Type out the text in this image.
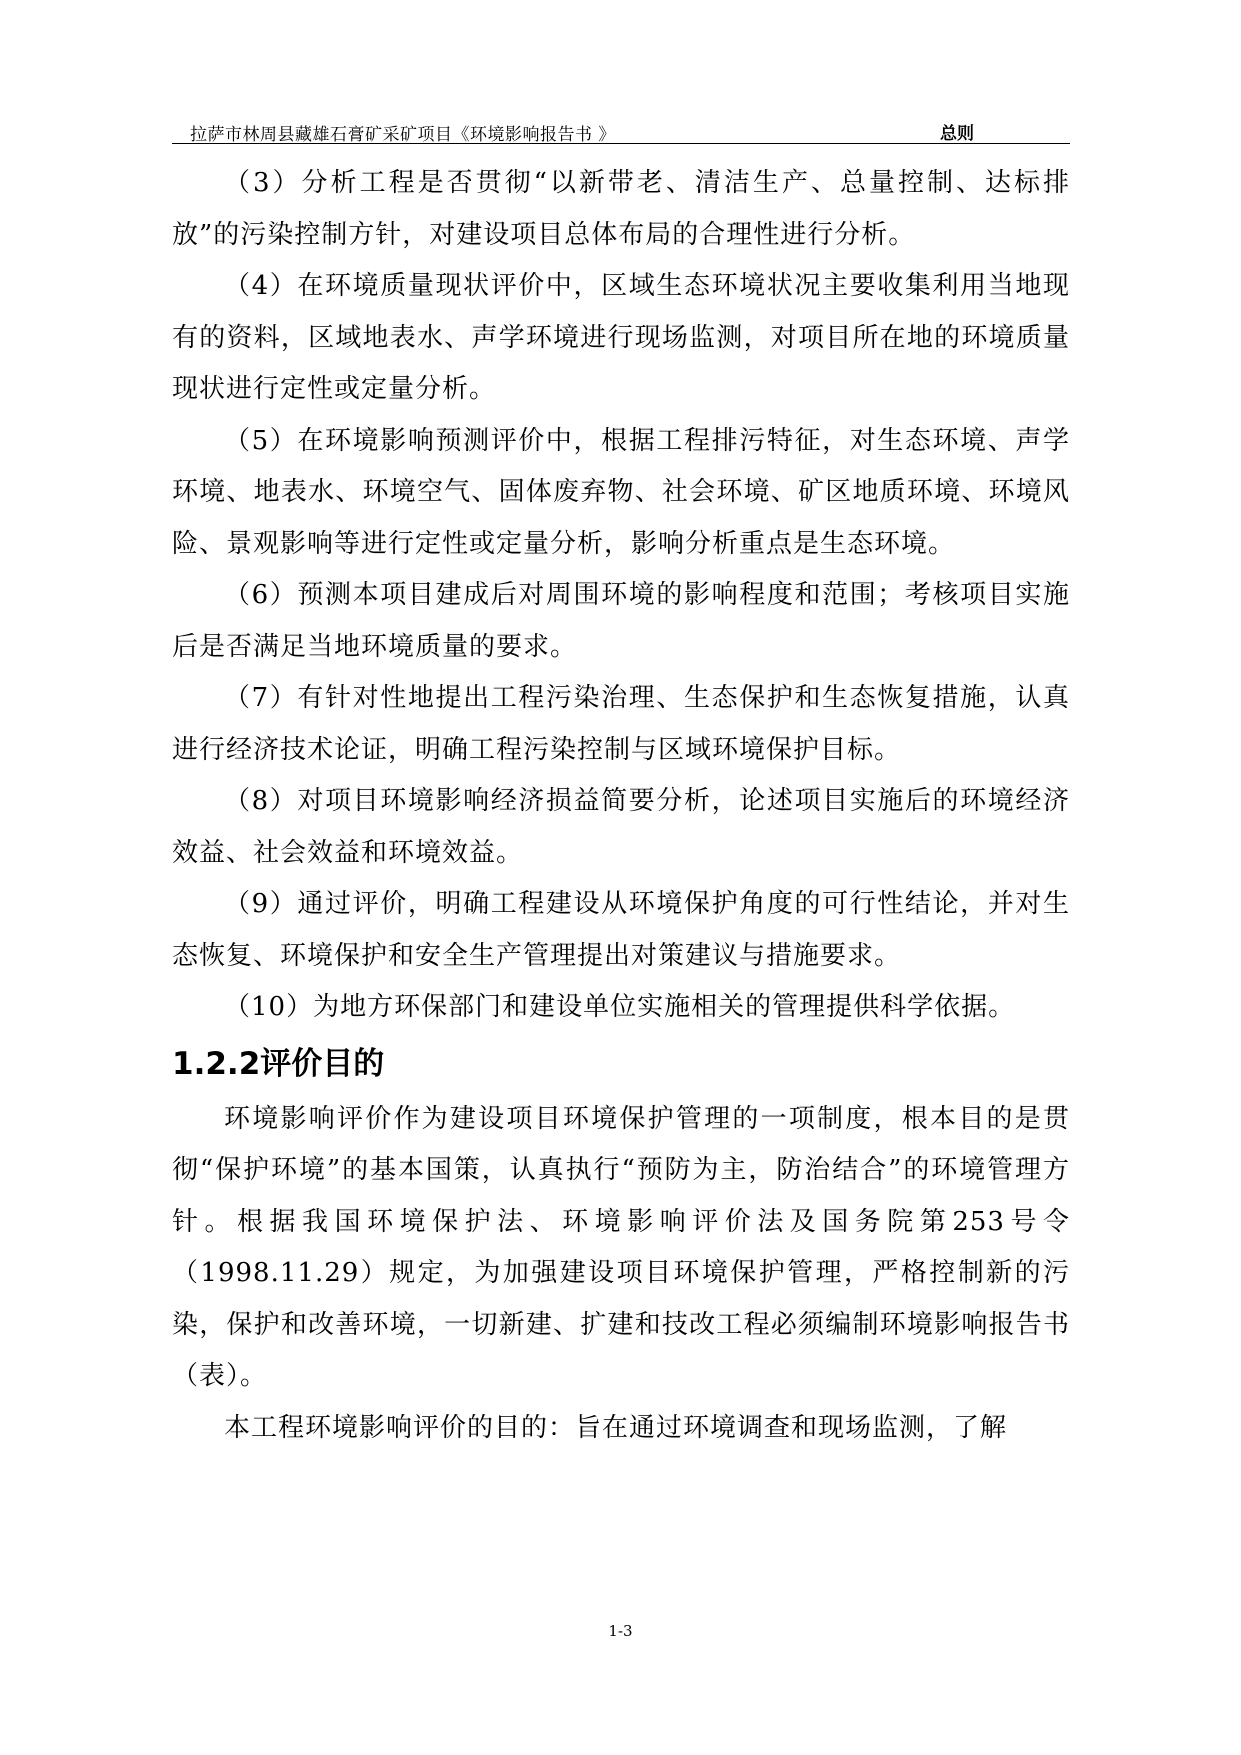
拉萨市林周县藏雄石膏矿采矿项目《环境影响报告书 》	总则

（3）分析工程是否贯彻“以新带老、清洁生产、总量控制、达标排放”的污染控制方针，对建设项目总体布局的合理性进行分析。

（4）在环境质量现状评价中，区域生态环境状况主要收集利用当地现有的资料，区域地表水、声学环境进行现场监测，对项目所在地的环境质量现状进行定性或定量分析。

（5）在环境影响预测评价中，根据工程排污特征，对生态环境、声学环境、地表水、环境空气、固体废弃物、社会环境、矿区地质环境、环境风险、景观影响等进行定性或定量分析，影响分析重点是生态环境。

（6）预测本项目建成后对周围环境的影响程度和范围；考核项目实施后是否满足当地环境质量的要求。

（7）有针对性地提出工程污染治理、生态保护和生态恢复措施，认真进行经济技术论证，明确工程污染控制与区域环境保护目标。

（8）对项目环境影响经济损益简要分析，论述项目实施后的环境经济效益、社会效益和环境效益。

（9）通过评价，明确工程建设从环境保护角度的可行性结论，并对生态恢复、环境保护和安全生产管理提出对策建议与措施要求。

（10）为地方环保部门和建设单位实施相关的管理提供科学依据。

1.2.2评价目的

环境影响评价作为建设项目环境保护管理的一项制度，根本目的是贯彻“保护环境”的基本国策，认真执行“预防为主，防治结合”的环境管理方针。根据我国环境保护法、环境影响评价法及国务院第253号令（1998.11.29）规定，为加强建设项目环境保护管理，严格控制新的污染，保护和改善环境，一切新建、扩建和技改工程必须编制环境影响报告书（表）。

本工程环境影响评价的目的：旨在通过环境调查和现场监测，了解

1-3
